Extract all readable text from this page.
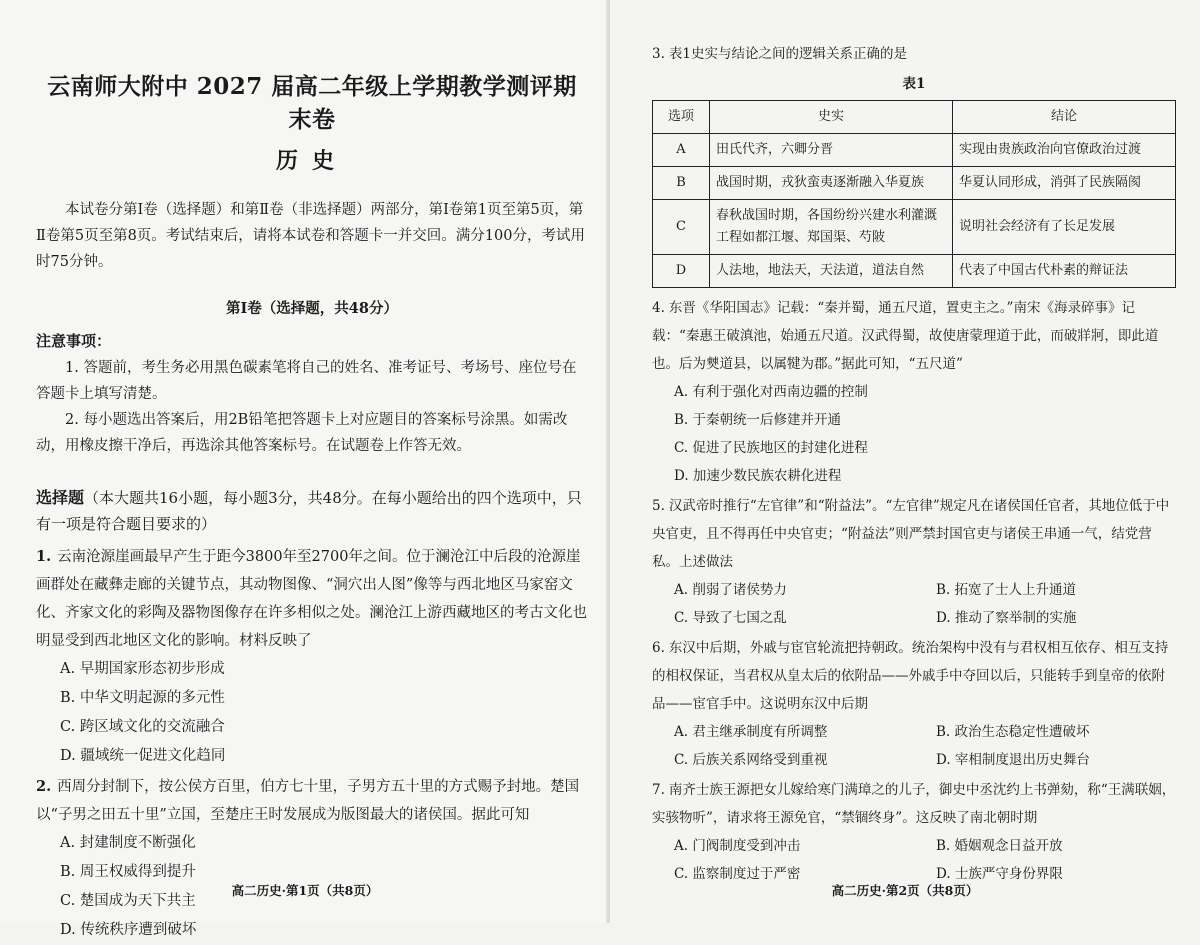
云南师大附中 2027 届高二年级上学期教学测评期末卷
历史

本试卷分第Ⅰ卷（选择题）和第Ⅱ卷（非选择题）两部分，第Ⅰ卷第1页至第5页，第Ⅱ卷第5页至第8页。考试结束后，请将本试卷和答题卡一并交回。满分100分，考试用时75分钟。

第Ⅰ卷（选择题，共48分）
注意事项：

1. 答题前，考生务必用黑色碳素笔将自己的姓名、准考证号、考场号、座位号在答题卡上填写清楚。

2. 每小题选出答案后，用2B铅笔把答题卡上对应题目的答案标号涂黑。如需改动，用橡皮擦干净后，再选涂其他答案标号。在试题卷上作答无效。

选择题（本大题共16小题，每小题3分，共48分。在每小题给出的四个选项中，只有一项是符合题目要求的）

1. 云南沧源崖画最早产生于距今3800年至2700年之间。位于澜沧江中后段的沧源崖画群处在藏彝走廊的关键节点，其动物图像、“洞穴出人图”像等与西北地区马家窑文化、齐家文化的彩陶及器物图像存在许多相似之处。澜沧江上游西藏地区的考古文化也明显受到西北地区文化的影响。材料反映了

A. 早期国家形态初步形成
B. 中华文明起源的多元性
C. 跨区域文化的交流融合
D. 疆域统一促进文化趋同

2. 西周分封制下，按公侯方百里，伯方七十里，子男方五十里的方式赐予封地。楚国以“子男之田五十里”立国，至楚庄王时发展成为版图最大的诸侯国。据此可知

A. 封建制度不断强化
B. 周王权威得到提升
C. 楚国成为天下共主
D. 传统秩序遭到破坏
高二历史·第1页（共8页）

3. 表1史实与结论之间的逻辑关系正确的是

表1
选项	史实	结论
A	田氏代齐，六卿分晋	实现由贵族政治向官僚政治过渡
B	战国时期，戎狄蛮夷逐渐融入华夏族	华夏认同形成，消弭了民族隔阂
C	春秋战国时期，各国纷纷兴建水利灌溉工程如都江堰、郑国渠、芍陂	说明社会经济有了长足发展
D	人法地，地法天，天法道，道法自然	代表了中国古代朴素的辩证法

4. 东晋《华阳国志》记载：“秦并蜀，通五尺道，置吏主之。”南宋《海录碎事》记载：“秦惠王破滇池，始通五尺道。汉武得蜀，故使唐蒙理道于此，而破牂牁，即此道也。后为僰道县，以属犍为郡。”据此可知，“五尺道”

A. 有利于强化对西南边疆的控制
B. 于秦朝统一后修建并开通
C. 促进了民族地区的封建化进程
D. 加速少数民族农耕化进程

5. 汉武帝时推行“左官律”和“附益法”。“左官律”规定凡在诸侯国任官者，其地位低于中央官吏，且不得再任中央官吏；“附益法”则严禁封国官吏与诸侯王串通一气，结党营私。上述做法

A. 削弱了诸侯势力	B. 拓宽了士人上升通道
C. 导致了七国之乱	D. 推动了察举制的实施

6. 东汉中后期，外戚与宦官轮流把持朝政。统治架构中没有与君权相互依存、相互支持的相权保证，当君权从皇太后的依附品——外戚手中夺回以后，只能转手到皇帝的依附品——宦官手中。这说明东汉中后期

A. 君主继承制度有所调整	B. 政治生态稳定性遭破坏
C. 后族关系网络受到重视	D. 宰相制度退出历史舞台

7. 南齐士族王源把女儿嫁给寒门满璋之的儿子，御史中丞沈约上书弹劾，称“王满联姻，实骇物听”，请求将王源免官，“禁锢终身”。这反映了南北朝时期

A. 门阀制度受到冲击	B. 婚姻观念日益开放
C. 监察制度过于严密	D. 士族严守身份界限
高二历史·第2页（共8页）
